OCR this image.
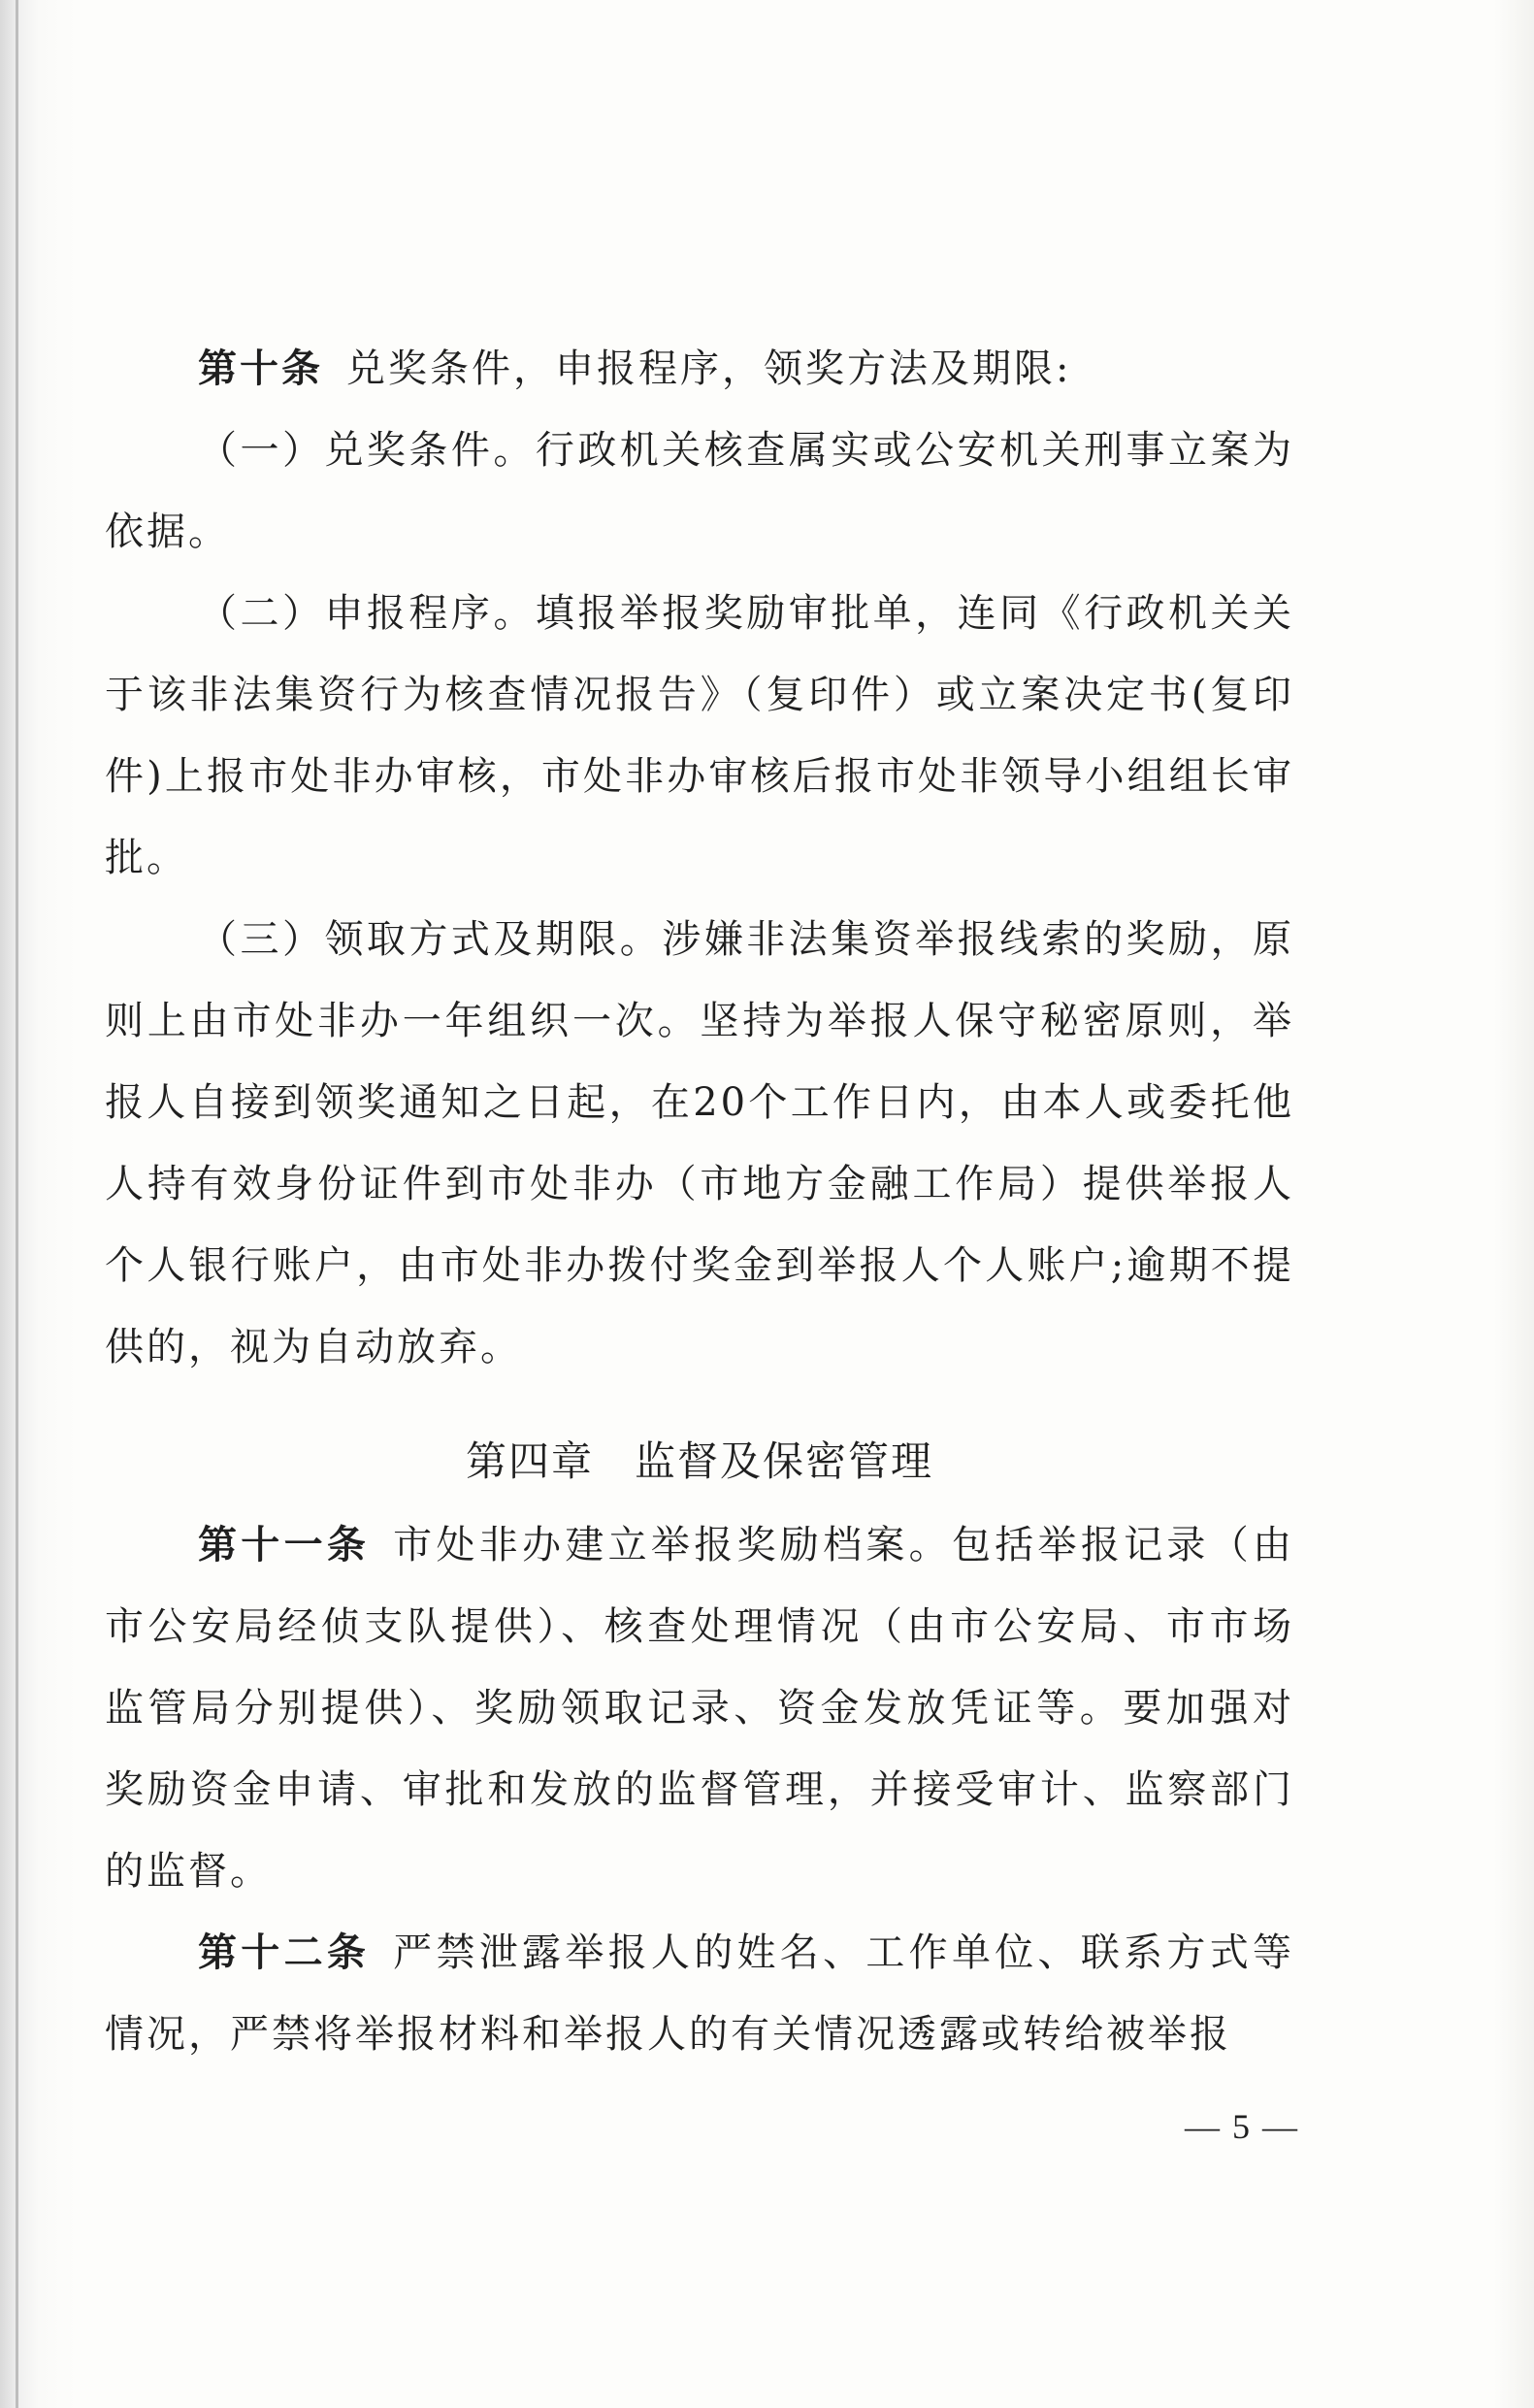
第十条 兑奖条件，申报程序，领奖方法及期限:

（一）兑奖条件。行政机关核查属实或公安机关刑事立案为依据。

（二）申报程序。填报举报奖励审批单，连同《行政机关关于该非法集资行为核查情况报告》（复印件）或立案决定书(复印件)上报市处非办审核，市处非办审核后报市处非领导小组组长审批。

（三）领取方式及期限。涉嫌非法集资举报线索的奖励，原则上由市处非办一年组织一次。坚持为举报人保守秘密原则，举报人自接到领奖通知之日起，在20个工作日内，由本人或委托他人持有效身份证件到市处非办（市地方金融工作局）提供举报人个人银行账户，由市处非办拨付奖金到举报人个人账户;逾期不提供的，视为自动放弃。

第四章 监督及保密管理

第十一条 市处非办建立举报奖励档案。包括举报记录（由市公安局经侦支队提供）、核查处理情况（由市公安局、市市场监管局分别提供）、奖励领取记录、资金发放凭证等。要加强对奖励资金申请、审批和发放的监督管理，并接受审计、监察部门的监督。

第十二条 严禁泄露举报人的姓名、工作单位、联系方式等情况，严禁将举报材料和举报人的有关情况透露或转给被举报

— 5 —
